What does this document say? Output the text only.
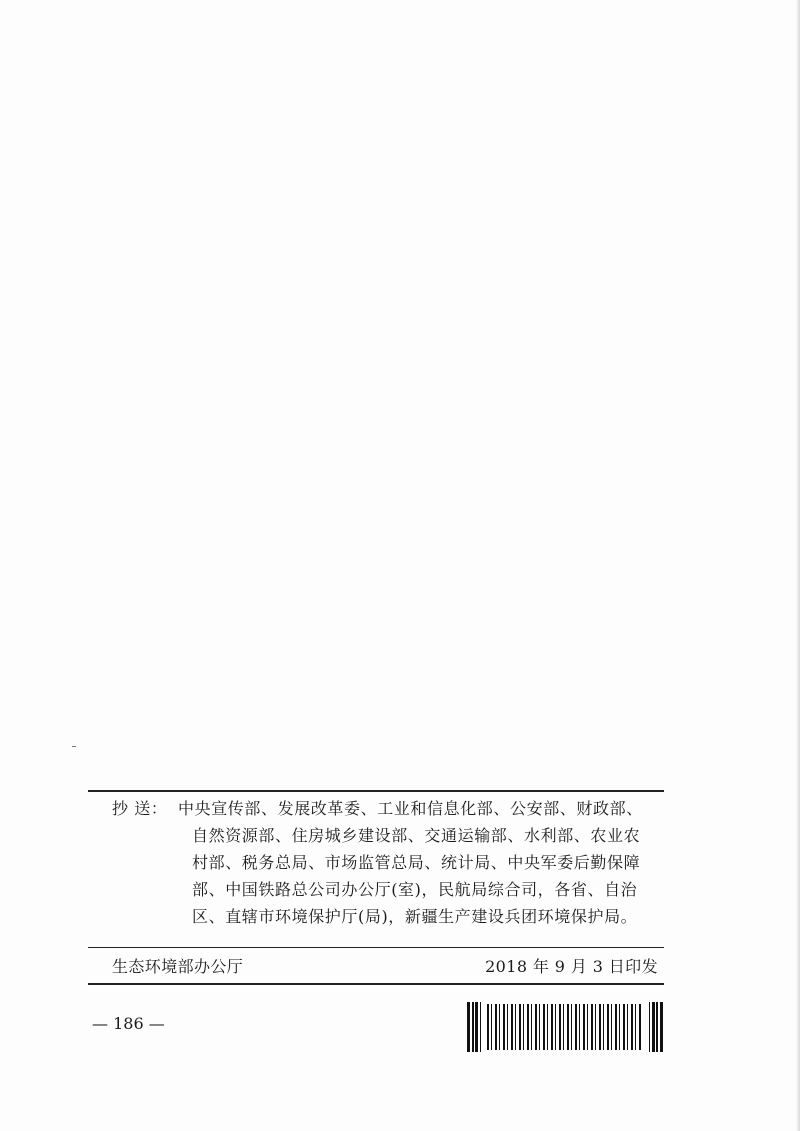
抄 送： 中央宣传部、发展改革委、工业和信息化部、公安部、财政部、
自然资源部、住房城乡建设部、交通运输部、水利部、农业农
村部、税务总局、市场监管总局、统计局、中央军委后勤保障
部、中国铁路总公司办公厅(室)，民航局综合司，各省、自治
区、直辖市环境保护厅(局)，新疆生产建设兵团环境保护局。
生态环境部办公厅	2018 年 9 月 3 日印发
— 186 —
